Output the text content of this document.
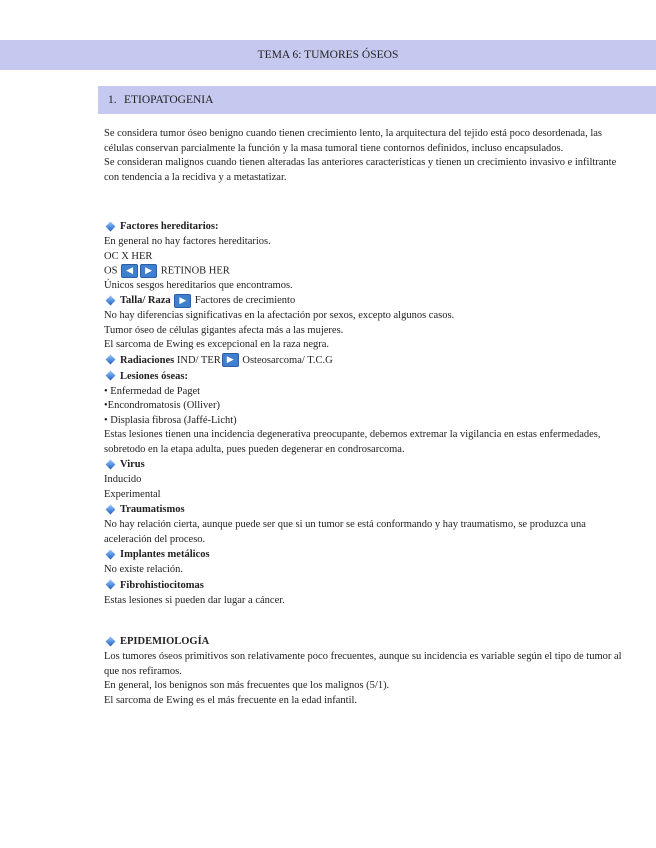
TEMA 6: TUMORES ÓSEOS
1. ETIOPATOGENIA

Se considera tumor óseo benigno cuando tienen crecimiento lento, la arquitectura del tejido está poco desordenada, las células conservan parcialmente la función y la masa tumoral tiene contornos definidos, incluso encapsulados.

Se consideran malignos cuando tienen alteradas las anteriores características y tienen un crecimiento invasivo e infiltrante con tendencia a la recidiva y a metastatizar.

Factores hereditarios:
En general no hay factores hereditarios.
OC X HER
OS ◀ ▶ RETINOB HER
Únicos sesgos hereditarios que encontramos.
Talla/ Raza ▶ Factores de crecimiento
No hay diferencias significativas en la afectación por sexos, excepto algunos casos.
Tumor óseo de células gigantes afecta más a las mujeres.
El sarcoma de Ewing es excepcional en la raza negra.
Radiaciones IND/ TER ▶ Osteosarcoma/ T.C.G
Lesiones óseas:
• Enfermedad de Paget
•Encondromatosis (Olliver)
• Displasia fibrosa (Jaffé-Licht)
Estas lesiones tienen una incidencia degenerativa preocupante, debemos extremar la vigilancia en estas enfermedades, sobretodo en la etapa adulta, pues pueden degenerar en condrosarcoma.
Virus
Inducido
Experimental
Traumatismos
No hay relación cierta, aunque puede ser que si un tumor se está conformando y hay traumatismo, se produzca una aceleración del proceso.
Implantes metálicos
No existe relación.
Fibrohistiocitomas
Estas lesiones si pueden dar lugar a cáncer.
EPIDEMIOLOGÍA
Los tumores óseos primitivos son relativamente poco frecuentes, aunque su incidencia es variable según el tipo de tumor al que nos refiramos.
En general, los benignos son más frecuentes que los malignos (5/1).
El sarcoma de Ewing es el más frecuente en la edad infantil.
